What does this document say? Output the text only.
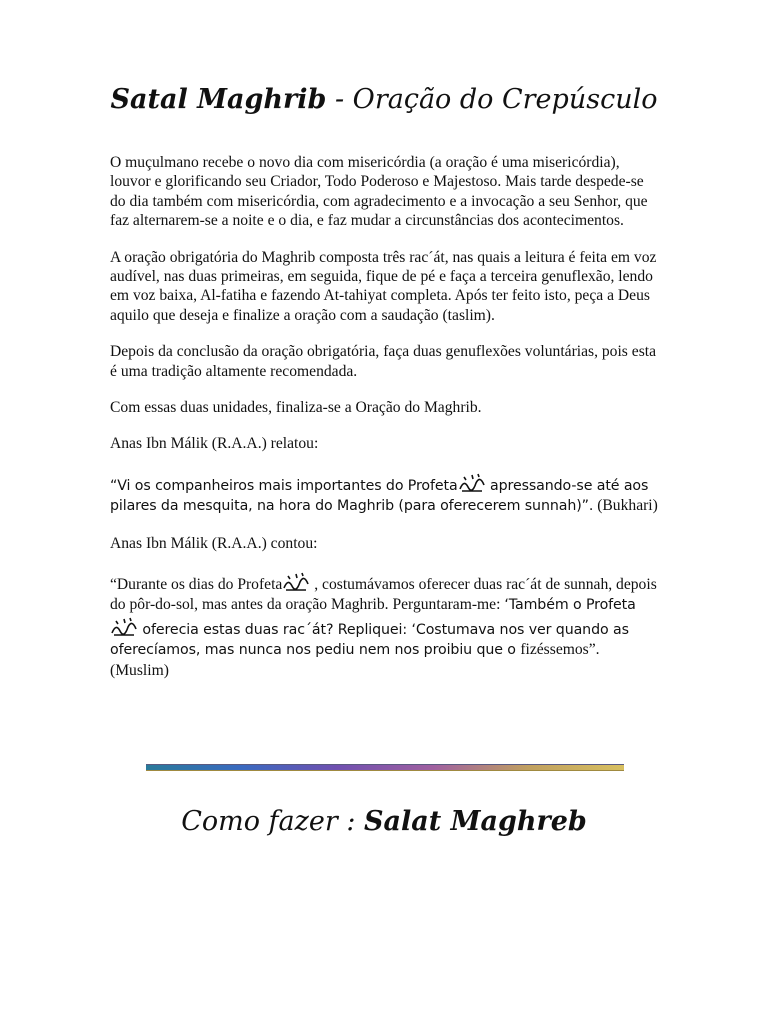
Satal Maghrib - Oração do Crepúsculo

O muçulmano recebe o novo dia com misericórdia (a oração é uma misericórdia), louvor e glorificando seu Criador, Todo Poderoso e Majestoso. Mais tarde despede-se do dia também com misericórdia, com agradecimento e a invocação a seu Senhor, que faz alternarem-se a noite e o dia, e faz mudar a circunstâncias dos acontecimentos.

A oração obrigatória do Maghrib composta três rac´át, nas quais a leitura é feita em voz audível, nas duas primeiras, em seguida, fique de pé e faça a terceira genuflexão, lendo em voz baixa, Al-fatiha e fazendo At-tahiyat completa. Após ter feito isto, peça a Deus aquilo que deseja e finalize a oração com a saudação (taslim).

Depois da conclusão da oração obrigatória, faça duas genuflexões voluntárias, pois esta é uma tradição altamente recomendada.

Com essas duas unidades, finaliza-se a Oração do Maghrib.

Anas Ibn Málik (R.A.A.) relatou:

“Vi os companheiros mais importantes do Profeta apressando-se até aos pilares da mesquita, na hora do Maghrib (para oferecerem sunnah)”. (Bukhari)

Anas Ibn Málik (R.A.A.) contou:

“Durante os dias do Profeta , costumávamos oferecer duas rac´át de sunnah, depois do pôr-do-sol, mas antes da oração Maghrib. Perguntaram-me: ‘Também o Profeta oferecia estas duas rac´át? Repliquei: ‘Costumava nos ver quando as oferecíamos, mas nunca nos pediu nem nos proibiu que o fizéssemos”. (Muslim)

Como fazer : Salat Maghreb
